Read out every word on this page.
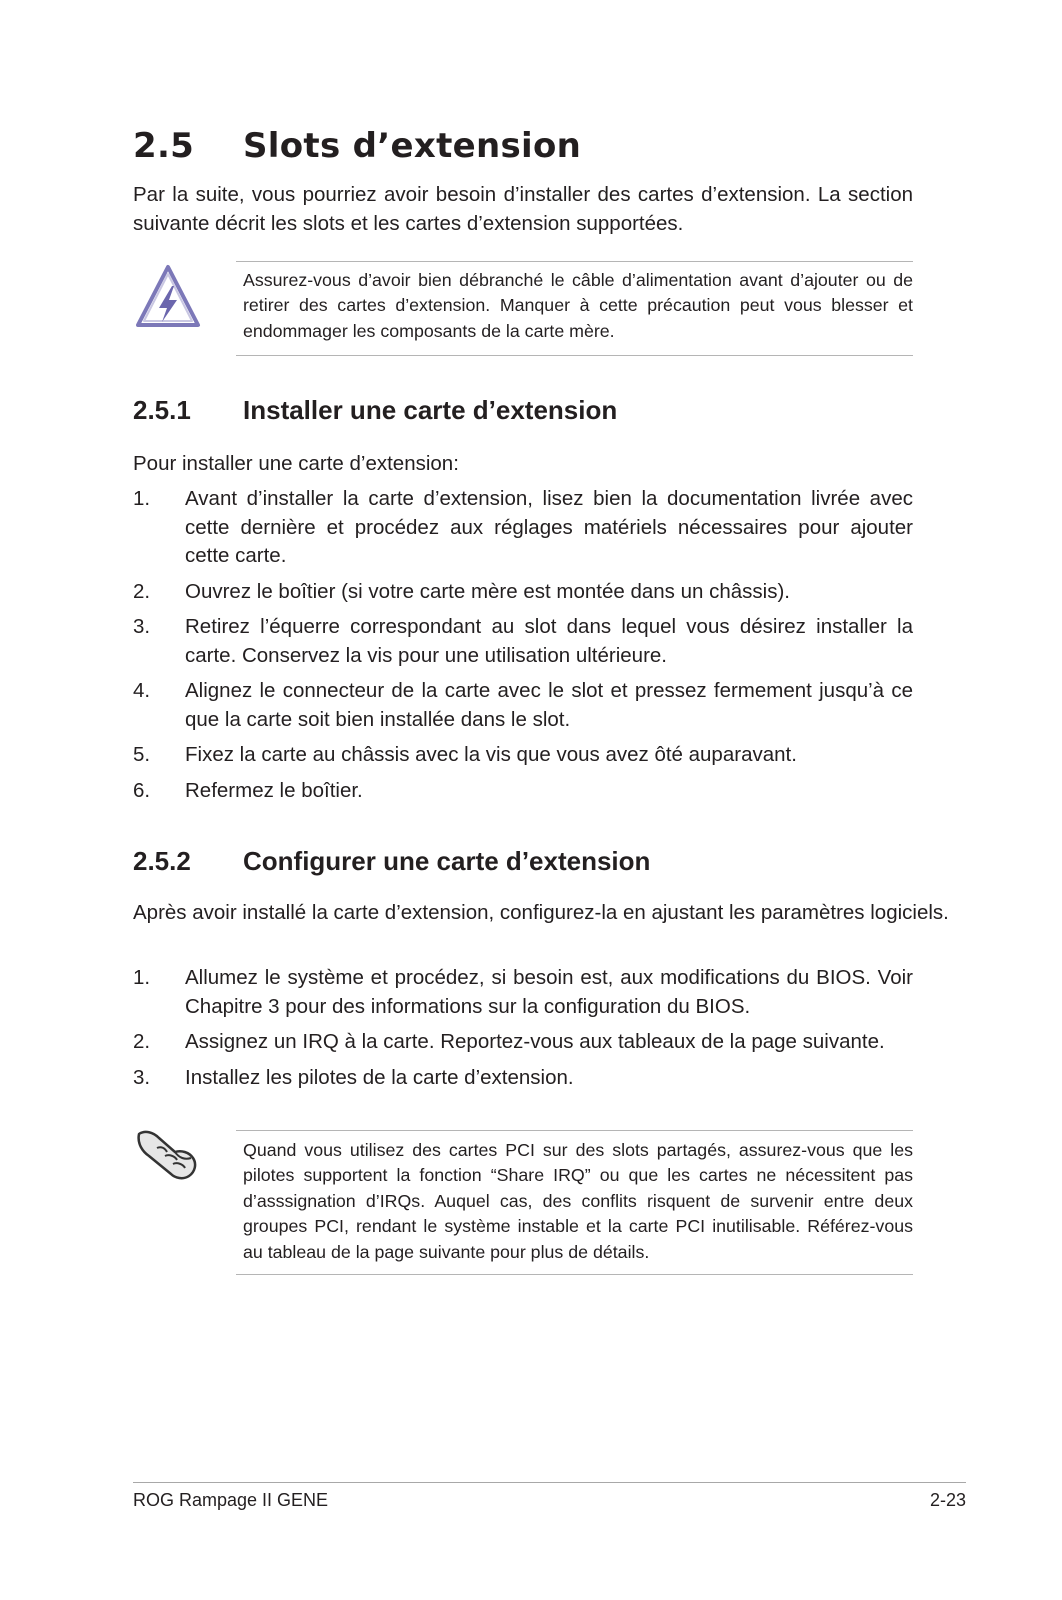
2.5 Slots d’extension
Par la suite, vous pourriez avoir besoin d’installer des cartes d’extension. La section suivante décrit les slots et les cartes d’extension supportées.

Assurez-vous d’avoir bien débranché le câble d’alimentation avant d’ajouter ou de retirer des cartes d’extension. Manquer à cette précaution peut vous blesser et endommager les composants de la carte mère.

2.5.1 Installer une carte d’extension
Pour installer une carte d’extension:
1. Avant d’installer la carte d’extension, lisez bien la documentation livrée avec cette dernière et procédez aux réglages matériels nécessaires pour ajouter cette carte.
2. Ouvrez le boîtier (si votre carte mère est montée dans un châssis).
3. Retirez l’équerre correspondant au slot dans lequel vous désirez installer la carte. Conservez la vis pour une utilisation ultérieure.
4. Alignez le connecteur de la carte avec le slot et pressez fermement jusqu’à ce que la carte soit bien installée dans le slot.
5. Fixez la carte au châssis avec la vis que vous avez ôté auparavant.
6. Refermez le boîtier.
2.5.2 Configurer une carte d’extension
Après avoir installé la carte d’extension, configurez-la en ajustant les paramètres logiciels.
1. Allumez le système et procédez, si besoin est, aux modifications du BIOS. Voir Chapitre 3 pour des informations sur la configuration du BIOS.
2. Assignez un IRQ à la carte. Reportez-vous aux tableaux de la page suivante.
3. Installez les pilotes de la carte d’extension.

Quand vous utilisez des cartes PCI sur des slots partagés, assurez-vous que les pilotes supportent la fonction “Share IRQ” ou que les cartes ne nécessitent pas d’asssignation d’IRQs. Auquel cas, des conflits risquent de survenir entre deux groupes PCI, rendant le système instable et la carte PCI inutilisable. Référez-vous au tableau de la page suivante pour plus de détails.

ROG Rampage II GENE	2-23
